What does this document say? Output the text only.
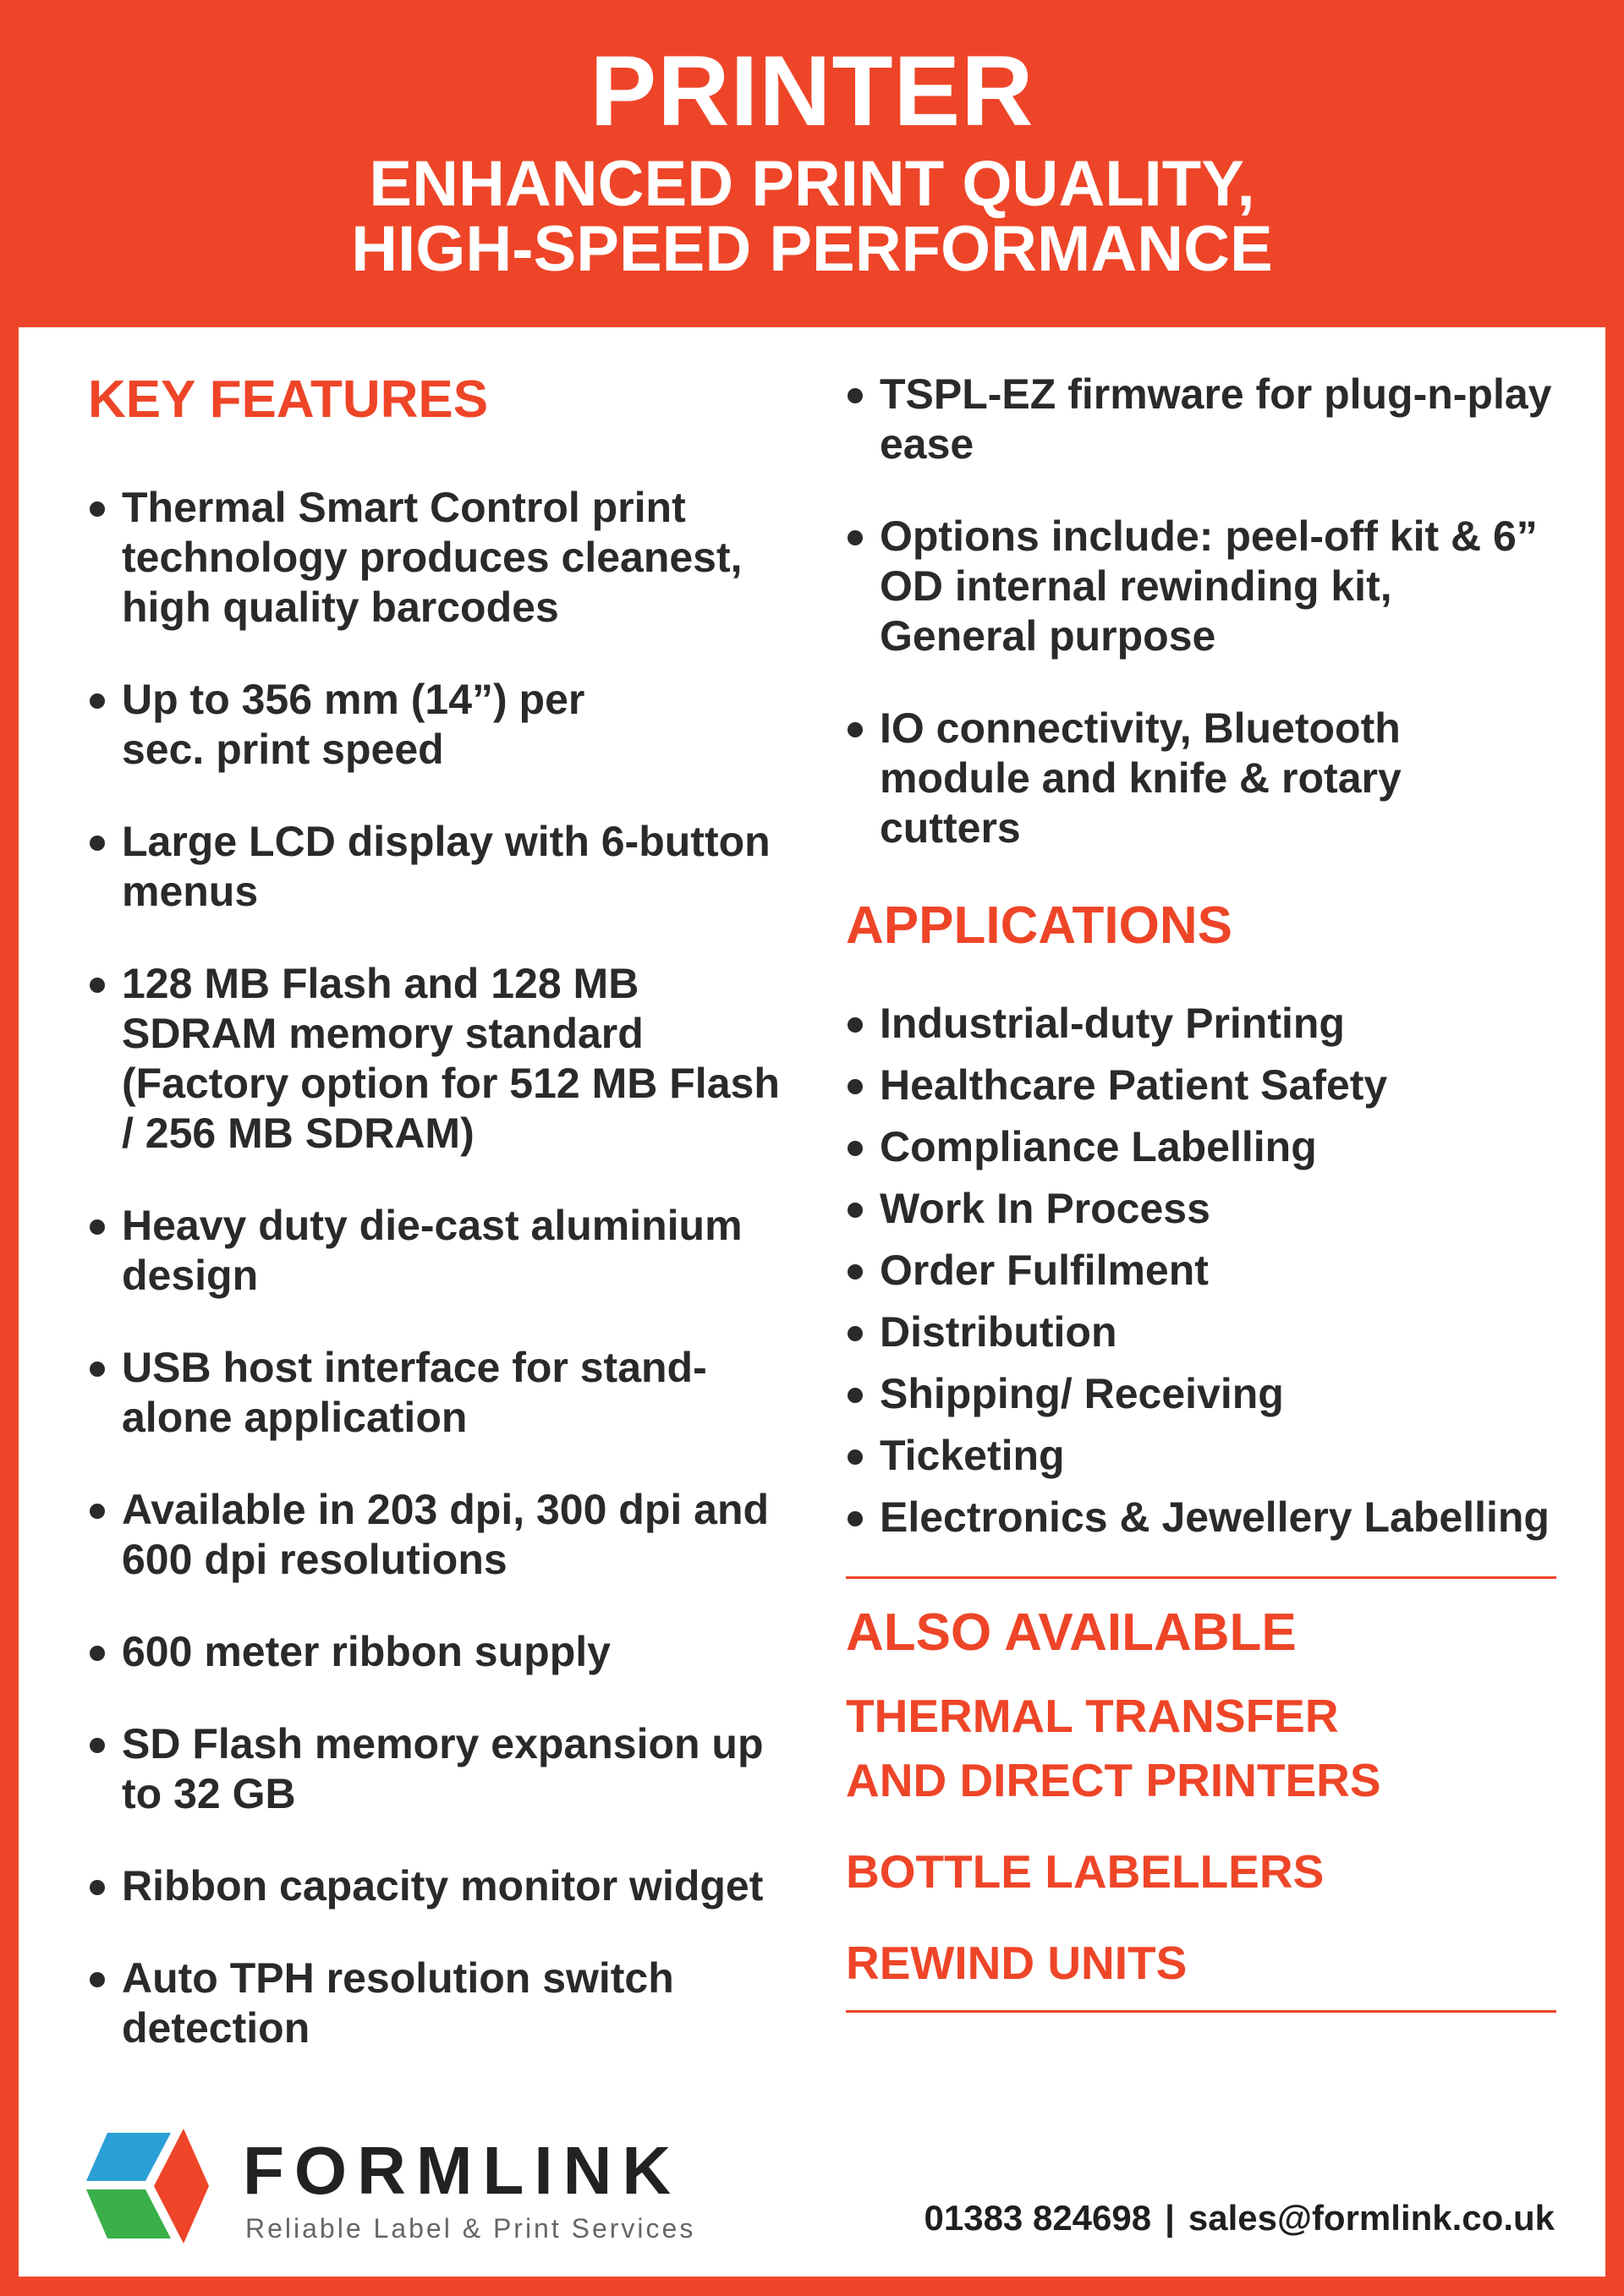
PRINTER
ENHANCED PRINT QUALITY,
HIGH-SPEED PERFORMANCE
KEY FEATURES
Thermal Smart Control print technology produces cleanest, high quality barcodes
Up to 356 mm (14”) per sec. print speed
Large LCD display with 6-button menus
128 MB Flash and 128 MB SDRAM memory standard (Factory option for 512 MB Flash / 256 MB SDRAM)
Heavy duty die-cast aluminium design
USB host interface for stand-alone application
Available in 203 dpi, 300 dpi and 600 dpi resolutions
600 meter ribbon supply
SD Flash memory expansion up to 32 GB
Ribbon capacity monitor widget
Auto TPH resolution switch detection
TSPL-EZ firmware for plug-n-play ease
Options include: peel-off kit & 6” OD internal rewinding kit, General purpose
IO connectivity, Bluetooth module and knife & rotary cutters
APPLICATIONS
Industrial-duty Printing
Healthcare Patient Safety
Compliance Labelling
Work In Process
Order Fulfilment
Distribution
Shipping/ Receiving
Ticketing
Electronics & Jewellery Labelling
ALSO AVAILABLE
THERMAL TRANSFER
AND DIRECT PRINTERS
BOTTLE LABELLERS
REWIND UNITS
FORMLINK
Reliable Label & Print Services	01383 824698 | sales@formlink.co.uk
